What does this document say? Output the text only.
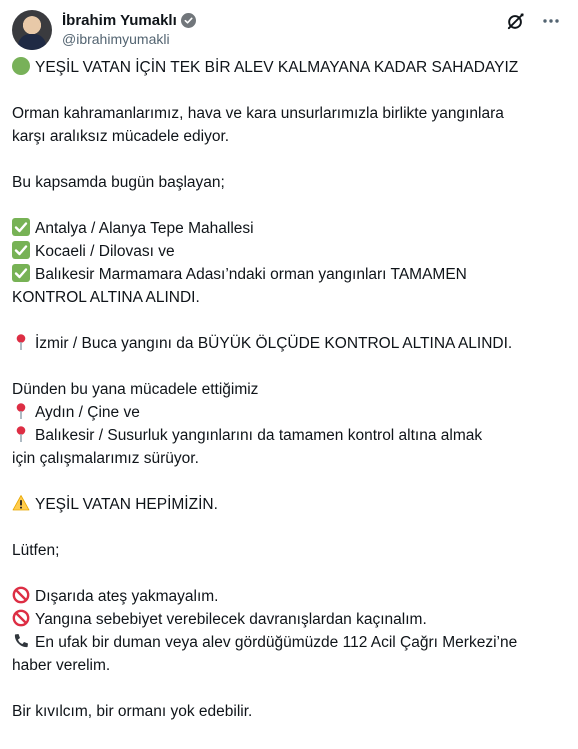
İbrahim Yumaklı
@ibrahimyumakli
YEŞİL VATAN İÇİN TEK BİR ALEV KALMAYANA KADAR SAHADAYIZ
Orman kahramanlarımız, hava ve kara unsurlarımızla birlikte yangınlara
karşı aralıksız mücadele ediyor.
Bu kapsamda bugün başlayan;
Antalya / Alanya Tepe Mahallesi
Kocaeli / Dilovası ve
Balıkesir Marmamara Adası’ndaki orman yangınları TAMAMEN
KONTROL ALTINA ALINDI.
İzmir / Buca yangını da BÜYÜK ÖLÇÜDE KONTROL ALTINA ALINDI.
Dünden bu yana mücadele ettiğimiz
Aydın / Çine ve
Balıkesir / Susurluk yangınlarını da tamamen kontrol altına almak
için çalışmalarımız sürüyor.
YEŞİL VATAN HEPİMİZİN.
Lütfen;
Dışarıda ateş yakmayalım.
Yangına sebebiyet verebilecek davranışlardan kaçınalım.
En ufak bir duman veya alev gördüğümüzde 112 Acil Çağrı Merkezi’ne
haber verelim.
Bir kıvılcım, bir ormanı yok edebilir.
